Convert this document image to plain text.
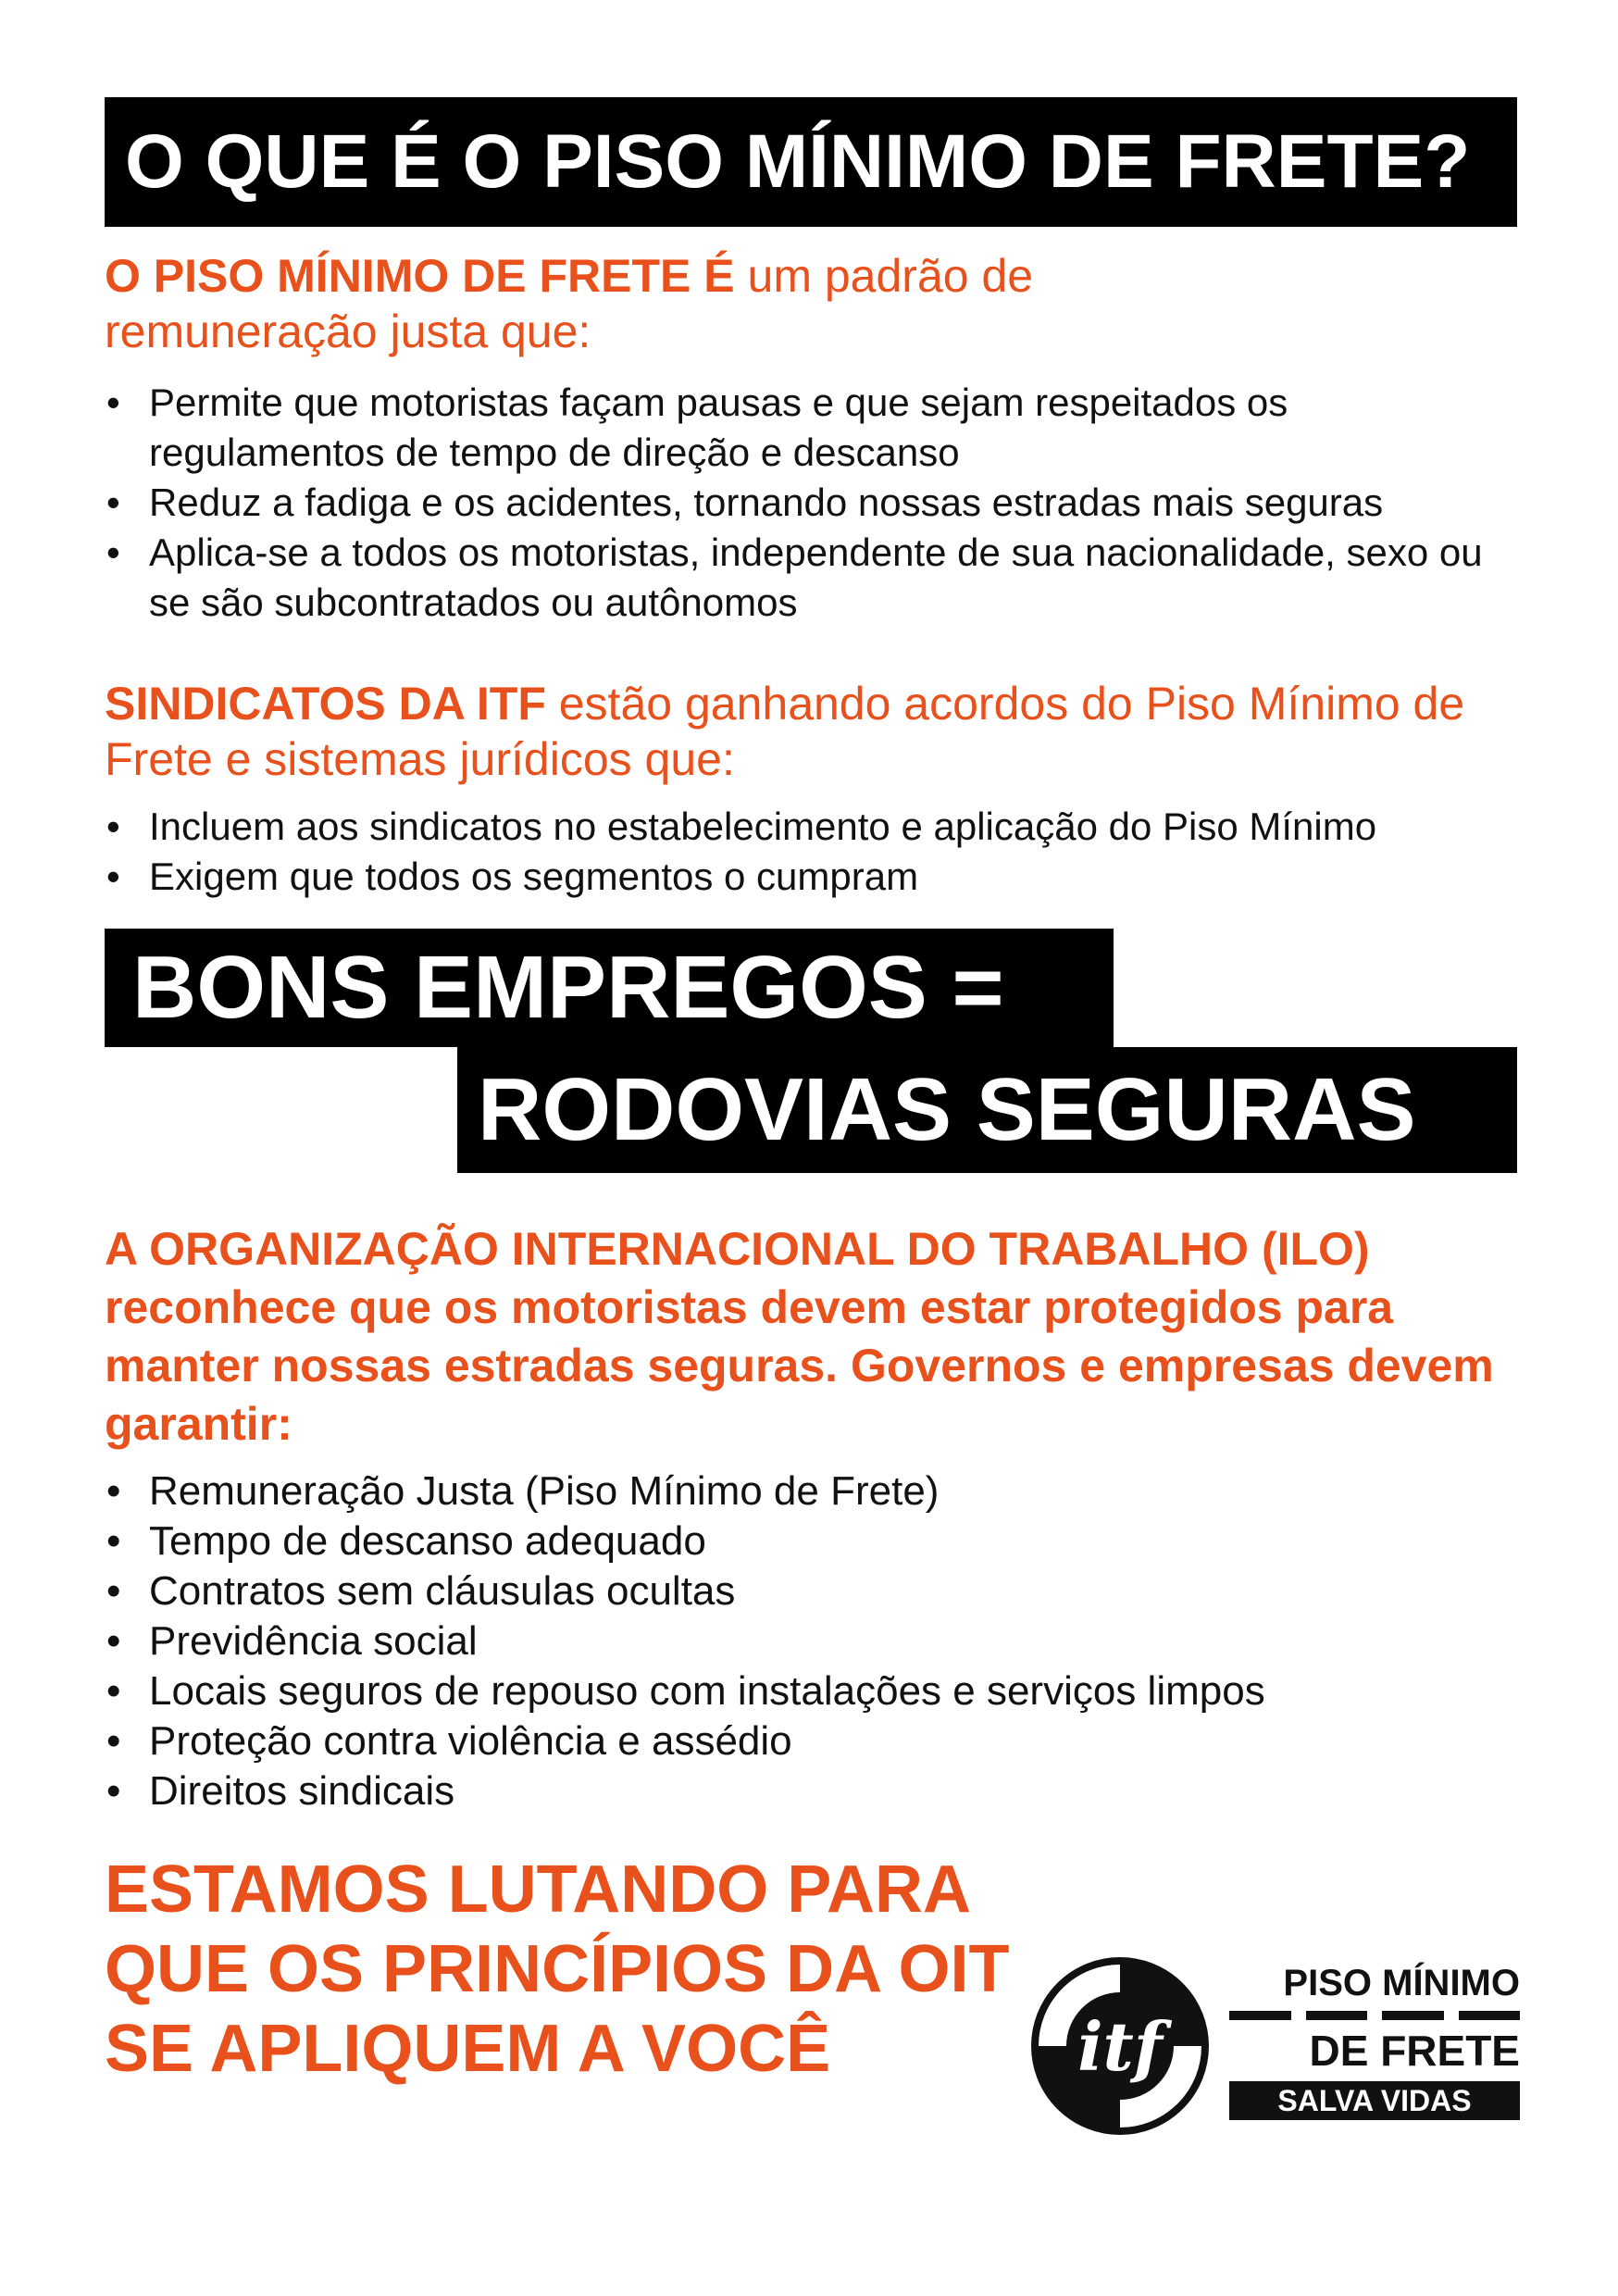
O QUE É O PISO MÍNIMO DE FRETE?

O PISO MÍNIMO DE FRETE É um padrão de remuneração justa que:

• Permite que motoristas façam pausas e que sejam respeitados os regulamentos de tempo de direção e descanso
• Reduz a fadiga e os acidentes, tornando nossas estradas mais seguras
• Aplica-se a todos os motoristas, independente de sua nacionalidade, sexo ou se são subcontratados ou autônomos

SINDICATOS DA ITF estão ganhando acordos do Piso Mínimo de Frete e sistemas jurídicos que:

• Incluem aos sindicatos no estabelecimento e aplicação do Piso Mínimo
• Exigem que todos os segmentos o cumpram
BONS EMPREGOS =
RODOVIAS SEGURAS

A ORGANIZAÇÃO INTERNACIONAL DO TRABALHO (ILO) reconhece que os motoristas devem estar protegidos para manter nossas estradas seguras. Governos e empresas devem garantir:

• Remuneração Justa (Piso Mínimo de Frete)
• Tempo de descanso adequado
• Contratos sem cláusulas ocultas
• Previdência social
• Locais seguros de repouso com instalações e serviços limpos
• Proteção contra violência e assédio
• Direitos sindicais

ESTAMOS LUTANDO PARA QUE OS PRINCÍPIOS DA OIT SE APLIQUEM A VOCÊ	itf
PISO MÍNIMO
DE FRETE
SALVA VIDAS
